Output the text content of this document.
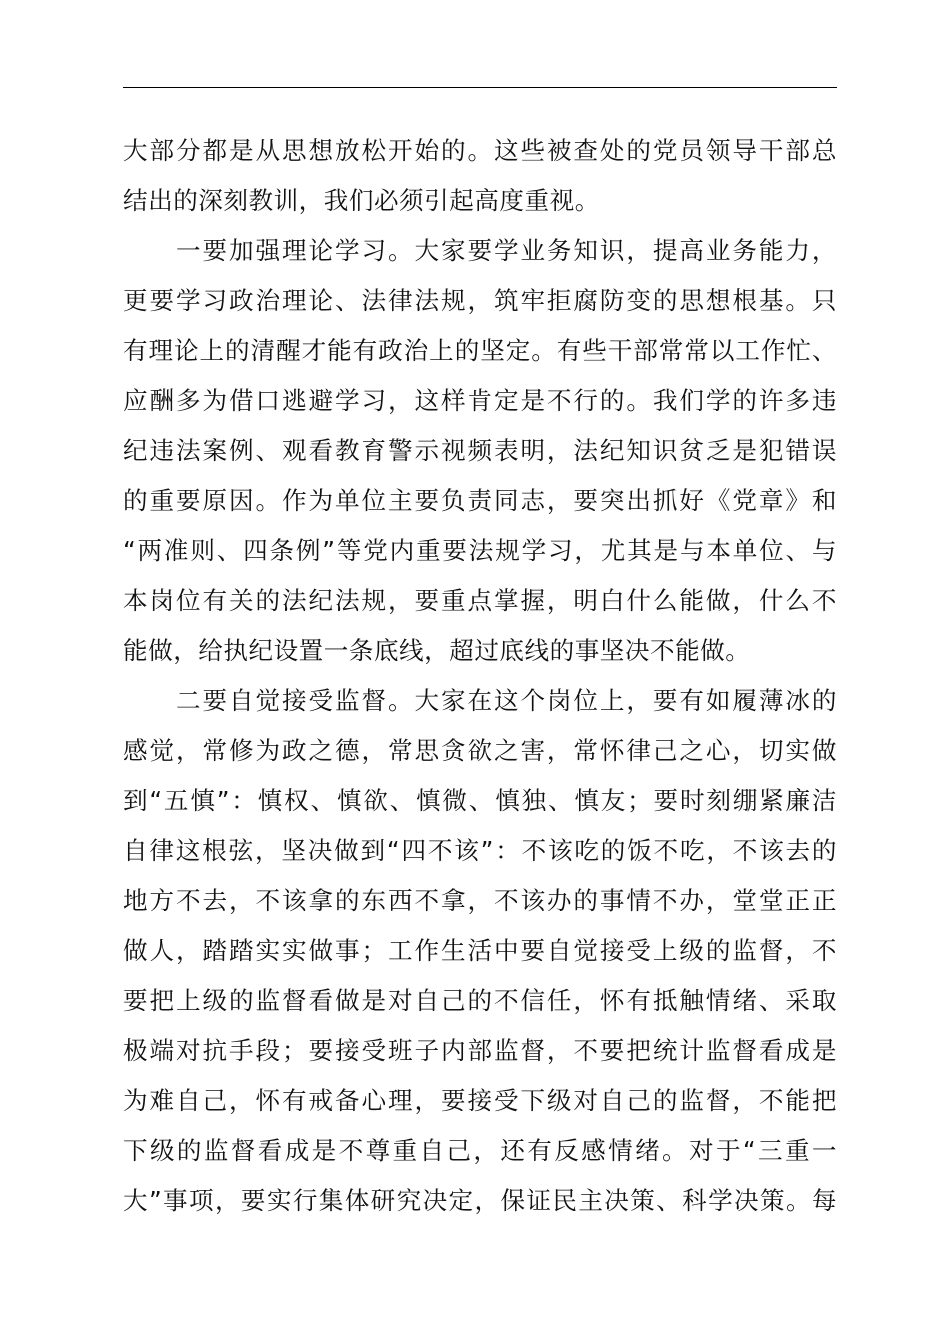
大部分都是从思想放松开始的。这些被查处的党员领导干部总
结出的深刻教训，我们必须引起高度重视。
　　一要加强理论学习。大家要学业务知识，提高业务能力，
更要学习政治理论、法律法规，筑牢拒腐防变的思想根基。只
有理论上的清醒才能有政治上的坚定。有些干部常常以工作忙、
应酬多为借口逃避学习，这样肯定是不行的。我们学的许多违
纪违法案例、观看教育警示视频表明，法纪知识贫乏是犯错误
的重要原因。作为单位主要负责同志，要突出抓好《党章》和
“两准则、四条例”等党内重要法规学习，尤其是与本单位、与
本岗位有关的法纪法规，要重点掌握，明白什么能做，什么不
能做，给执纪设置一条底线，超过底线的事坚决不能做。
　　二要自觉接受监督。大家在这个岗位上，要有如履薄冰的
感觉，常修为政之德，常思贪欲之害，常怀律己之心，切实做
到“五慎”：慎权、慎欲、慎微、慎独、慎友；要时刻绷紧廉洁
自律这根弦，坚决做到“四不该”：不该吃的饭不吃，不该去的
地方不去，不该拿的东西不拿，不该办的事情不办，堂堂正正
做人，踏踏实实做事；工作生活中要自觉接受上级的监督，不
要把上级的监督看做是对自己的不信任，怀有抵触情绪、采取
极端对抗手段；要接受班子内部监督，不要把统计监督看成是
为难自己，怀有戒备心理，要接受下级对自己的监督，不能把
下级的监督看成是不尊重自己，还有反感情绪。对于“三重一
大”事项，要实行集体研究决定，保证民主决策、科学决策。每
